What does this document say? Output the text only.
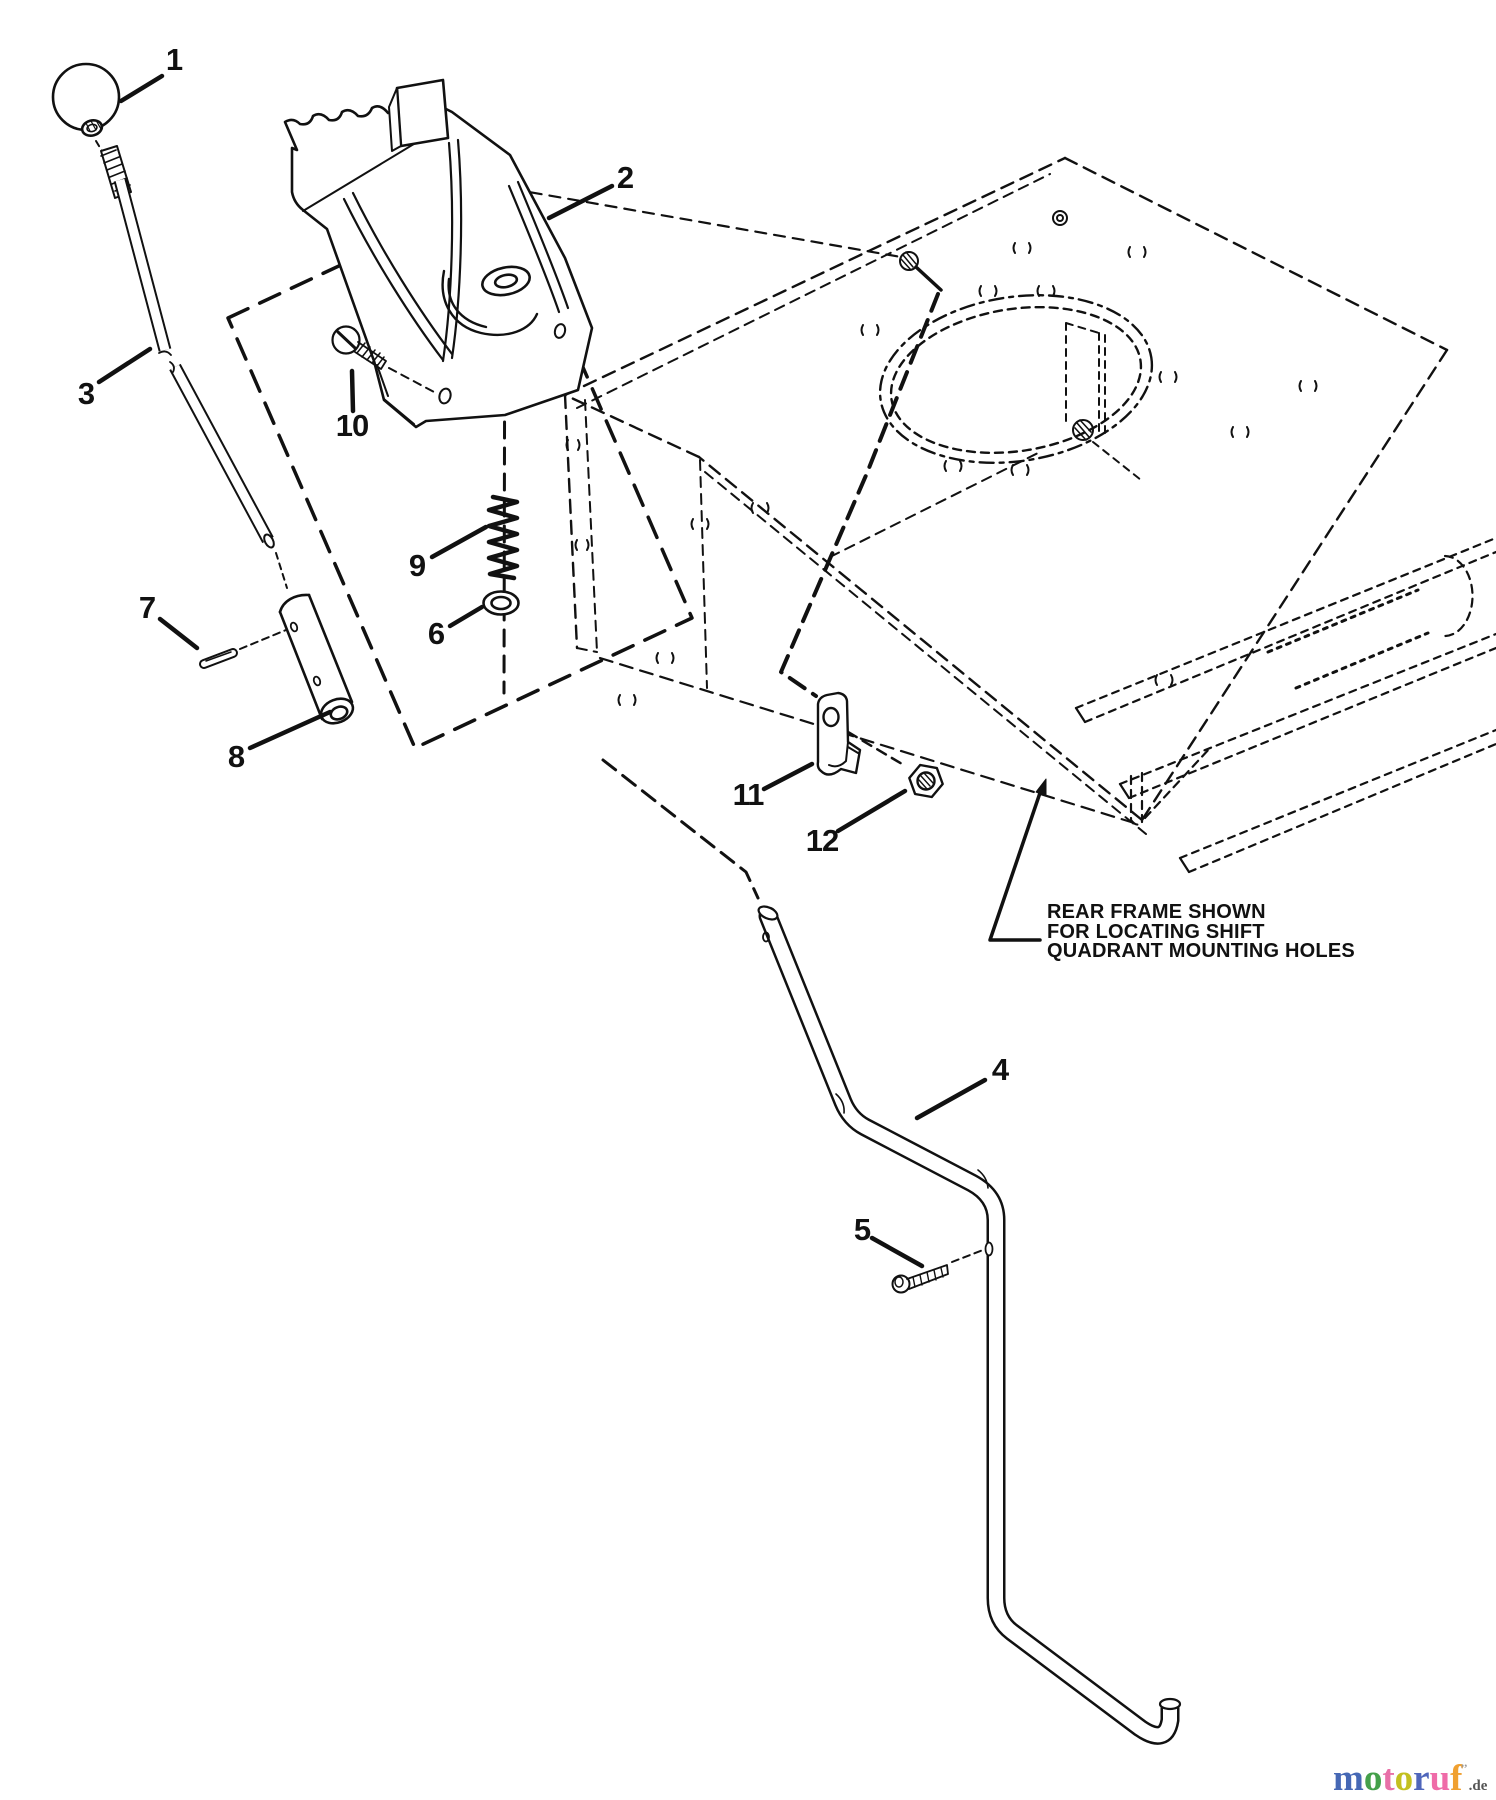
1
2
3
4
5
6
7
8
9
10
11
12
REAR FRAME SHOWN
FOR LOCATING SHIFT
QUADRANT MOUNTING HOLES
motoruf’’.de
